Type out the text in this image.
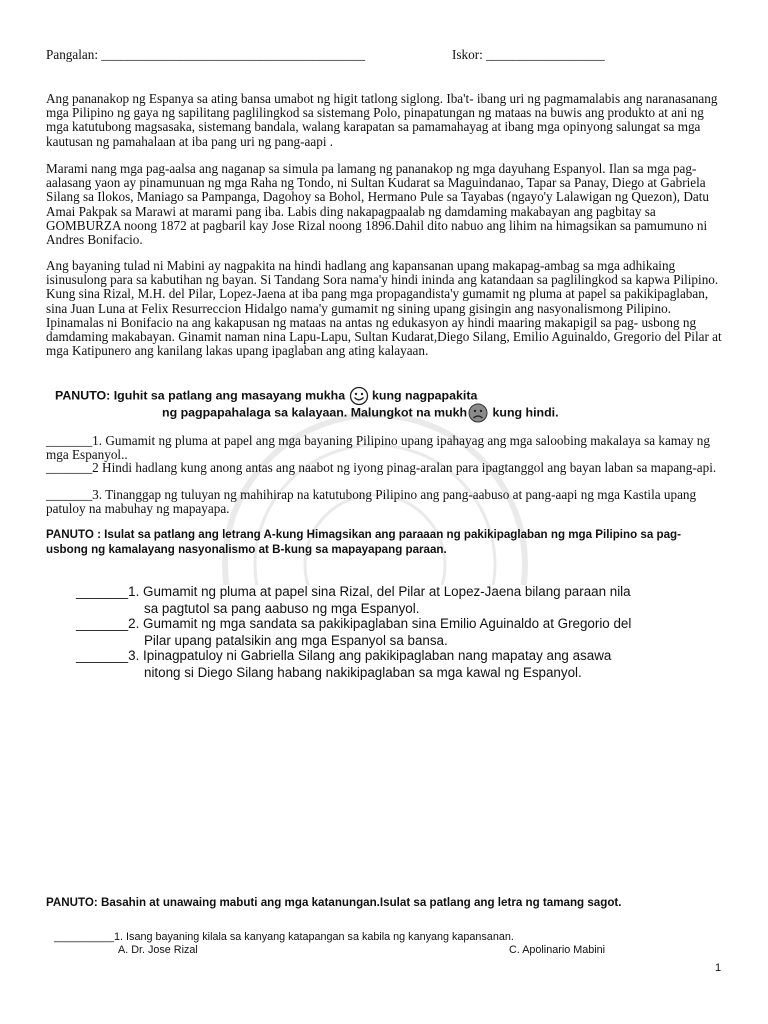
Pangalan: ________________________________________	Iskor: __________________

Ang pananakop ng Espanya sa ating bansa umabot ng higit tatlong siglong. Iba't- ibang uri ng pagmamalabis ang naranasanang mga Pilipino ng gaya ng sapilitang paglilingkod sa sistemang Polo, pinapatungan ng mataas na buwis ang produkto at ani ng mga katutubong magsasaka, sistemang bandala, walang karapatan sa pamamahayag at ibang mga opinyong salungat sa mga kautusan ng pamahalaan at iba pang uri ng pang-aapi .

Marami nang mga pag-aalsa ang naganap sa simula pa lamang ng pananakop ng mga dayuhang Espanyol. Ilan sa mga pag-aalasang yaon ay pinamunuan ng mga Raha ng Tondo, ni Sultan Kudarat sa Maguindanao, Tapar sa Panay, Diego at Gabriela Silang sa Ilokos, Maniago sa Pampanga, Dagohoy sa Bohol, Hermano Pule sa Tayabas (ngayo'y Lalawigan ng Quezon), Datu Amai Pakpak sa Marawi at marami pang iba. Labis ding nakapagpaalab ng damdaming makabayan ang pagbitay sa GOMBURZA noong 1872 at pagbaril kay Jose Rizal noong 1896.Dahil dito nabuo ang lihim na himagsikan sa pamumuno ni Andres Bonifacio.

Ang bayaning tulad ni Mabini ay nagpakita na hindi hadlang ang kapansanan upang makapag-ambag sa mga adhikaing isinusulong para sa kabutihan ng bayan. Si Tandang Sora nama'y hindi ininda ang katandaan sa paglilingkod sa kapwa Pilipino. Kung sina Rizal, M.H. del Pilar, Lopez-Jaena at iba pang mga propagandista'y gumamit ng pluma at papel sa pakikipaglaban, sina Juan Luna at Felix Resurreccion Hidalgo nama'y gumamit ng sining upang gisingin ang nasyonalismong Pilipino. Ipinamalas ni Bonifacio na ang kakapusan ng mataas na antas ng edukasyon ay hindi maaring makapigil sa pag- usbong ng damdaming makabayan. Ginamit naman nina Lapu-Lapu, Sultan Kudarat,Diego Silang, Emilio Aguinaldo, Gregorio del Pilar at mga Katipunero ang kanilang lakas upang ipaglaban ang ating kalayaan.

PANUTO: Iguhit sa patlang ang masayang mukha kung nagpapakita
ng pagpapahalaga sa kalayaan. Malungkot na mukh kung hindi.

_______1. Gumamit ng pluma at papel ang mga bayaning Pilipino upang ipahayag ang mga saloobing makalaya sa kamay ng mga Espanyol..

_______2 Hindi hadlang kung anong antas ang naabot ng iyong pinag-aralan para ipagtanggol ang bayan laban sa mapang-api.

_______3. Tinanggap ng tuluyan ng mahihirap na katutubong Pilipino ang pang-aabuso at pang-aapi ng mga Kastila upang patuloy na mabuhay ng mapayapa.

PANUTO : Isulat sa patlang ang letrang A-kung Himagsikan ang paraaan ng pakikipaglaban ng mga Pilipino sa pag-usbong ng kamalayang nasyonalismo at B-kung sa mapayapang paraan.

_______1. Gumamit ng pluma at papel sina Rizal, del Pilar at Lopez-Jaena bilang paraan nila
sa pagtutol sa pang aabuso ng mga Espanyol.
_______2. Gumamit ng mga sandata sa pakikipaglaban sina Emilio Aguinaldo at Gregorio del
Pilar upang patalsikin ang mga Espanyol sa bansa.
_______3. Ipinagpatuloy ni Gabriella Silang ang pakikipaglaban nang mapatay ang asawa
nitong si Diego Silang habang nakikipaglaban sa mga kawal ng Espanyol.

PANUTO: Basahin at unawaing mabuti ang mga katanungan.Isulat sa patlang ang letra ng tamang sagot.

__________1. Isang bayaning kilala sa kanyang katapangan sa kabila ng kanyang kapansanan.
A. Dr. Jose Rizal	C. Apolinario Mabini
1
